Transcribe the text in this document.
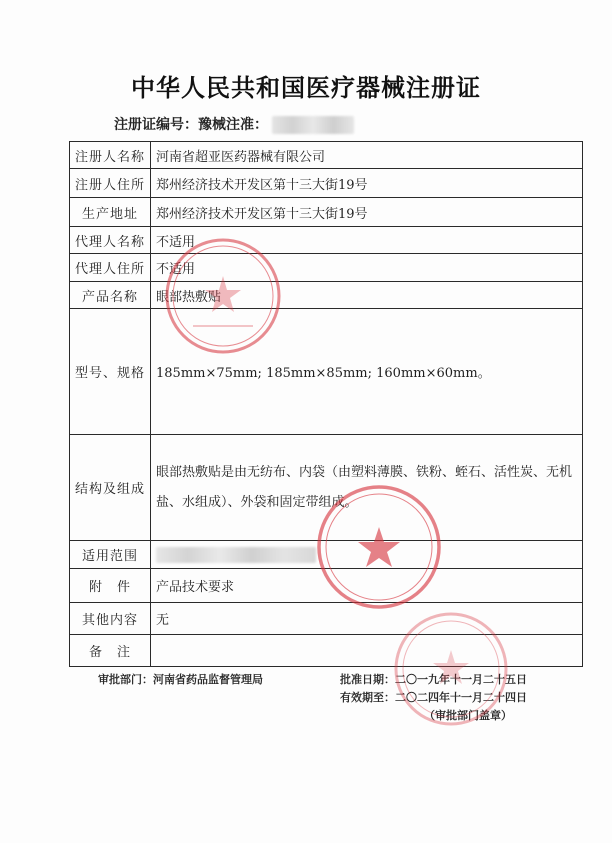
中华人民共和国医疗器械注册证
注册证编号：豫械注准：
注册人名称	河南省超亚医药器械有限公司
注册人住所	郑州经济技术开发区第十三大街19号
生产地址	郑州经济技术开发区第十三大街19号
代理人名称	不适用
代理人住所	不适用
产品名称	眼部热敷贴
型号、规格	185mm×75mm; 185mm×85mm; 160mm×60mm。
结构及组成	眼部热敷贴是由无纺布、内袋（由塑料薄膜、铁粉、蛭石、活性炭、无机盐、水组成）、外袋和固定带组成。
适用范围	
附　件	产品技术要求
其他内容	无
备　注	
审批部门：河南省药品监督管理局	批准日期：二〇一九年十一月二十五日
有效期至：二〇二四年十一月二十四日
（审批部门盖章）
